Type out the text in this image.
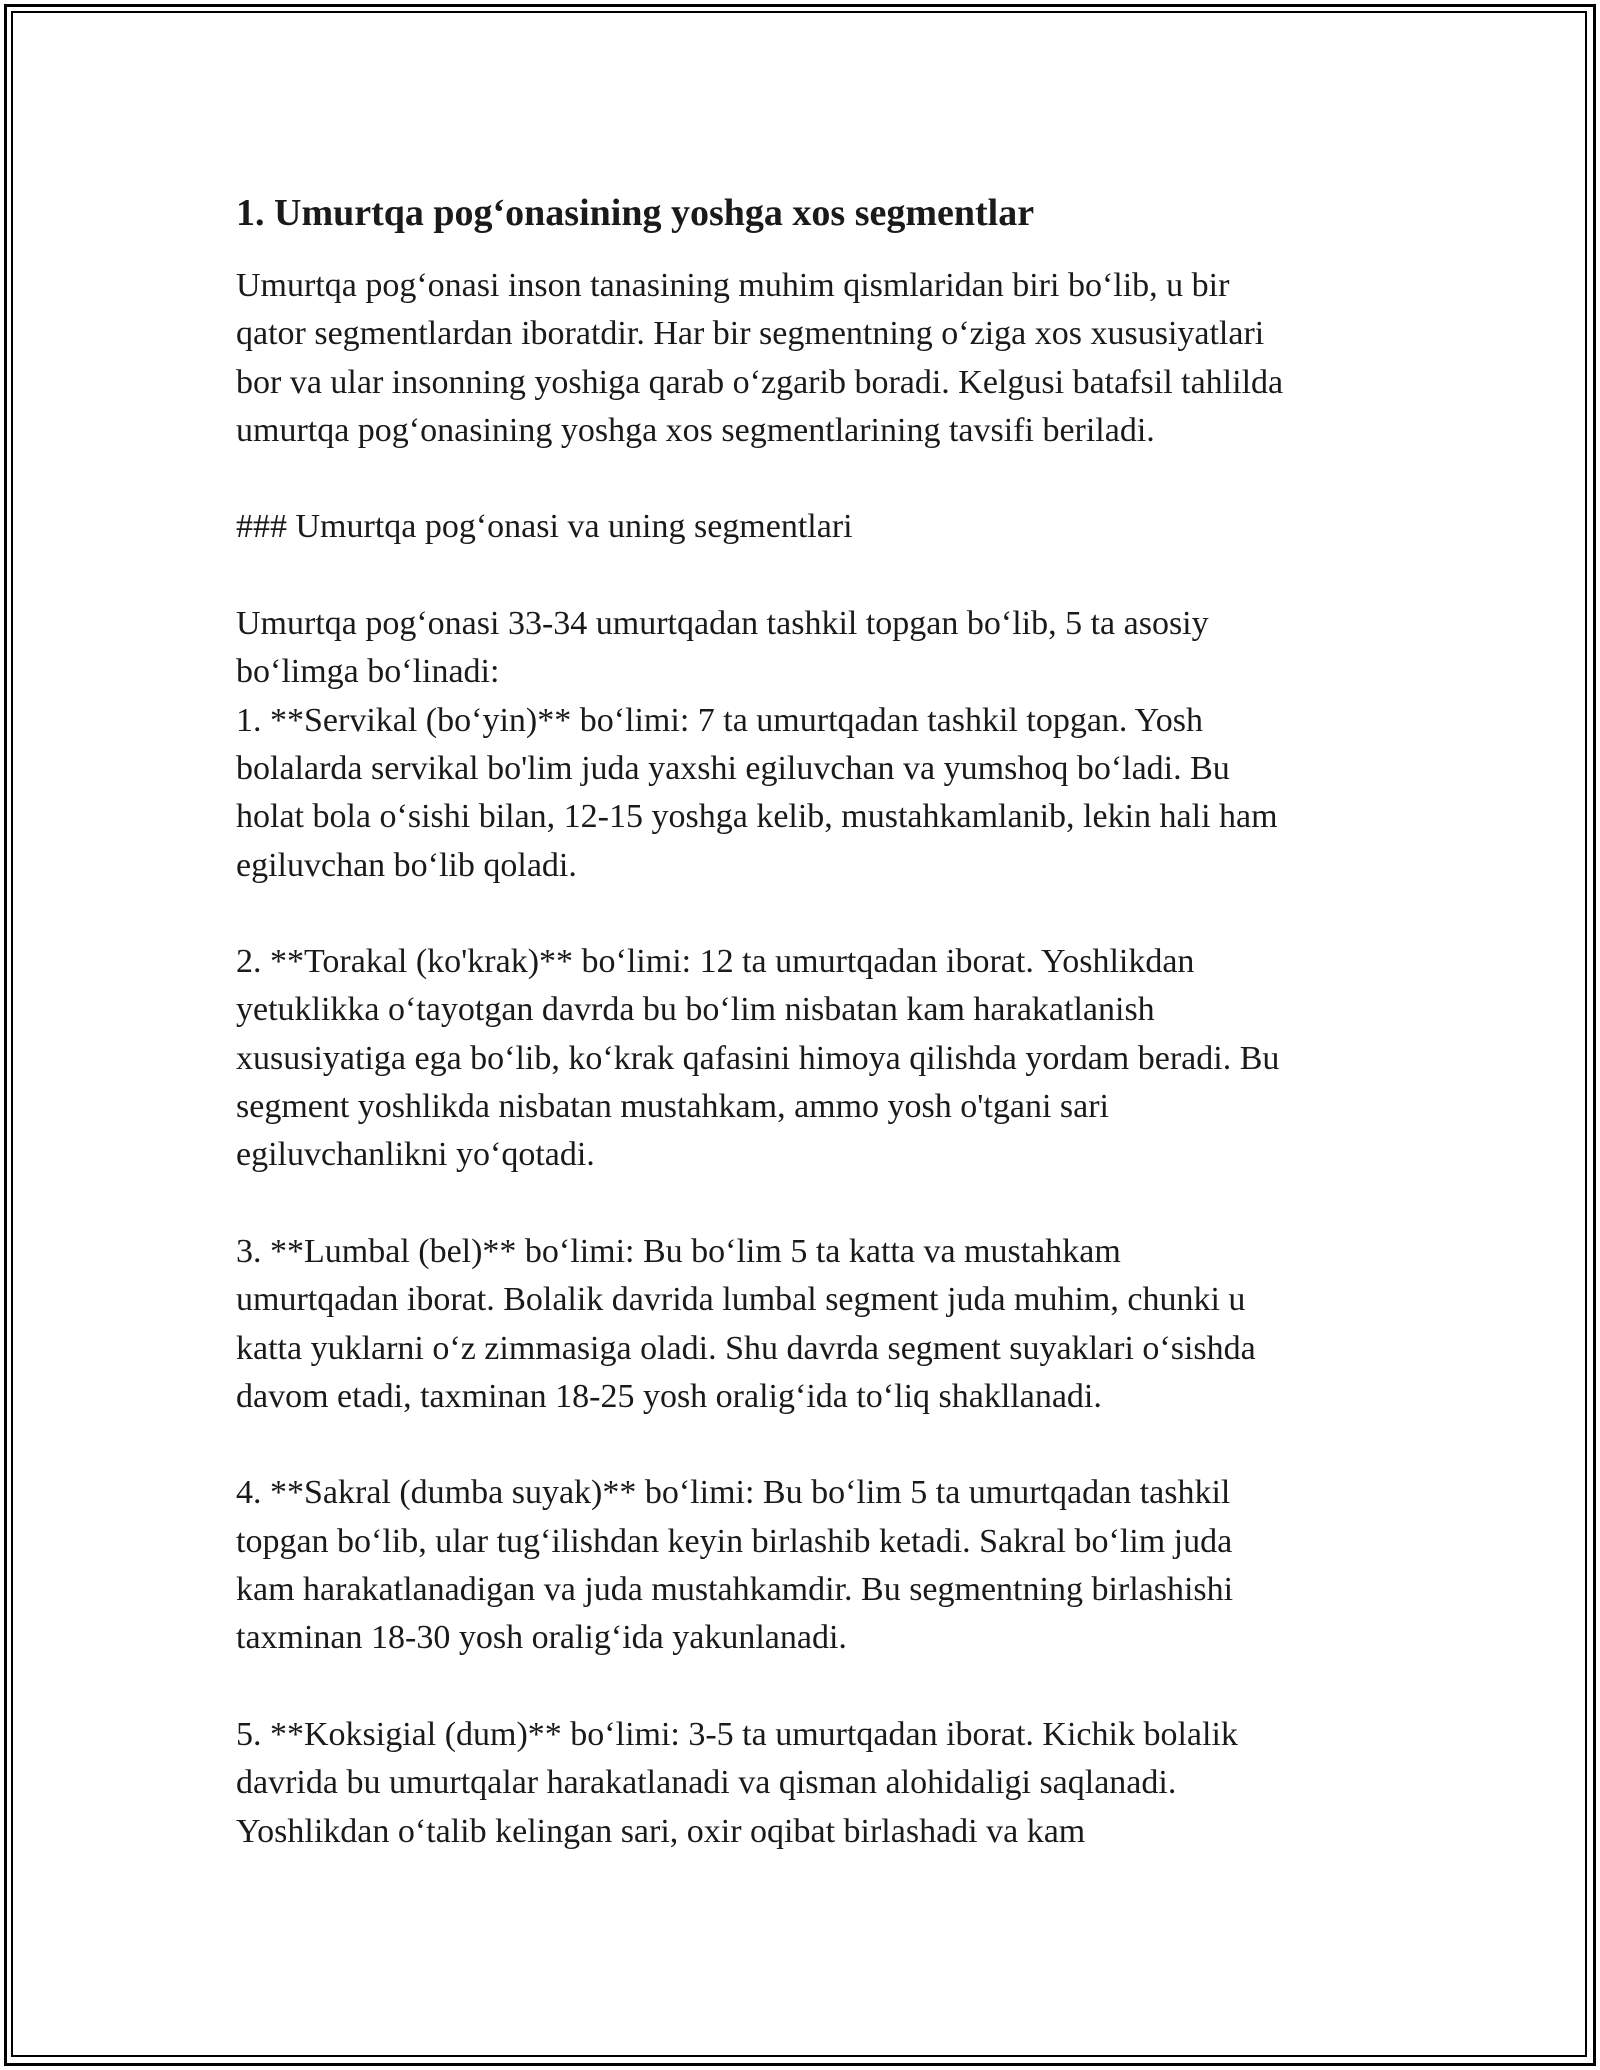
1. Umurtqa pog‘onasining yoshga xos segmentlar

Umurtqa pog‘onasi inson tanasining muhim qismlaridan biri bo‘lib, u bir
qator segmentlardan iboratdir. Har bir segmentning o‘ziga xos xususiyatlari
bor va ular insonning yoshiga qarab o‘zgarib boradi. Kelgusi batafsil tahlilda
umurtqa pog‘onasining yoshga xos segmentlarining tavsifi beriladi.

### Umurtqa pog‘onasi va uning segmentlari

Umurtqa pog‘onasi 33-34 umurtqadan tashkil topgan bo‘lib, 5 ta asosiy
bo‘limga bo‘linadi:

1. **Servikal (bo‘yin)** bo‘limi: 7 ta umurtqadan tashkil topgan. Yosh
bolalarda servikal bo'lim juda yaxshi egiluvchan va yumshoq bo‘ladi. Bu
holat bola o‘sishi bilan, 12-15 yoshga kelib, mustahkamlanib, lekin hali ham
egiluvchan bo‘lib qoladi.

2. **Torakal (ko'krak)** bo‘limi: 12 ta umurtqadan iborat. Yoshlikdan
yetuklikka o‘tayotgan davrda bu bo‘lim nisbatan kam harakatlanish
xususiyatiga ega bo‘lib, ko‘krak qafasini himoya qilishda yordam beradi. Bu
segment yoshlikda nisbatan mustahkam, ammo yosh o'tgani sari
egiluvchanlikni yo‘qotadi.

3. **Lumbal (bel)** bo‘limi: Bu bo‘lim 5 ta katta va mustahkam
umurtqadan iborat. Bolalik davrida lumbal segment juda muhim, chunki u
katta yuklarni o‘z zimmasiga oladi. Shu davrda segment suyaklari o‘sishda
davom etadi, taxminan 18-25 yosh oralig‘ida to‘liq shakllanadi.

4. **Sakral (dumba suyak)** bo‘limi: Bu bo‘lim 5 ta umurtqadan tashkil
topgan bo‘lib, ular tug‘ilishdan keyin birlashib ketadi. Sakral bo‘lim juda
kam harakatlanadigan va juda mustahkamdir. Bu segmentning birlashishi
taxminan 18-30 yosh oralig‘ida yakunlanadi.

5. **Koksigial (dum)** bo‘limi: 3-5 ta umurtqadan iborat. Kichik bolalik
davrida bu umurtqalar harakatlanadi va qisman alohidaligi saqlanadi.
Yoshlikdan o‘talib kelingan sari, oxir oqibat birlashadi va kam
